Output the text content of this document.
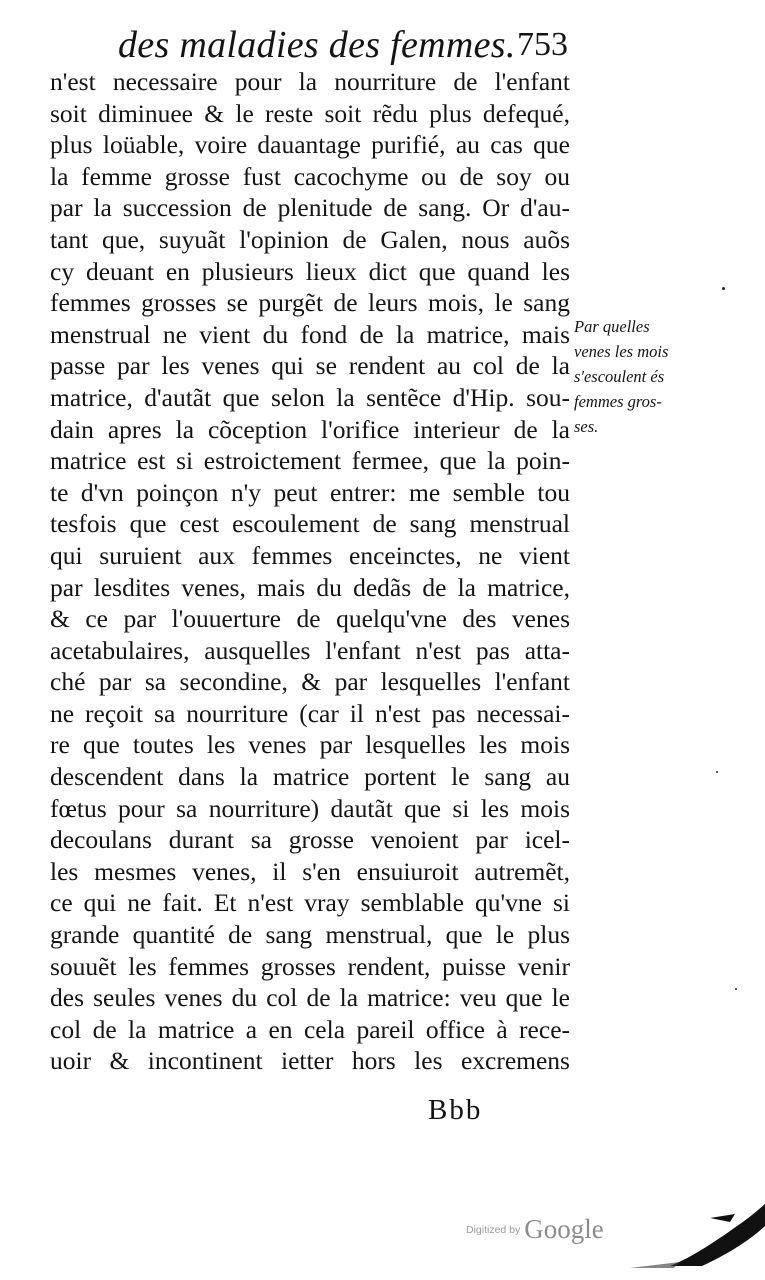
des maladies des femmes. 753
n'est necessaire pour la nourriture de l'enfant
soit diminuee & le reste soit rẽdu plus defequé,
plus loüable, voire dauantage purifié, au cas que
la femme grosse fust cacochyme ou de soy ou
par la succession de plenitude de sang. Or d'au-
tant que, suyuãt l'opinion de Galen, nous auõs
cy deuant en plusieurs lieux dict que quand les
femmes grosses se purgẽt de leurs mois, le sang
menstrual ne vient du fond de la matrice, mais
passe par les venes qui se rendent au col de la
matrice, d'autãt que selon la sentẽce d'Hip. sou-
dain apres la cõception l'orifice interieur de la
matrice est si estroictement fermee, que la poin-
te d'vn poinçon n'y peut entrer: me semble tou
tesfois que cest escoulement de sang menstrual
qui suruient aux femmes enceinctes, ne vient
par lesdites venes, mais du dedãs de la matrice,
& ce par l'ouuerture de quelqu'vne des venes
acetabulaires, ausquelles l'enfant n'est pas atta-
ché par sa secondine, & par lesquelles l'enfant
ne reçoit sa nourriture (car il n'est pas necessai-
re que toutes les venes par lesquelles les mois
descendent dans la matrice portent le sang au
fœtus pour sa nourriture) dautãt que si les mois
decoulans durant sa grosse venoient par icel-
les mesmes venes, il s'en ensuiuroit autremẽt,
ce qui ne fait. Et n'est vray semblable qu'vne si
grande quantité de sang menstrual, que le plus
souuẽt les femmes grosses rendent, puisse venir
des seules venes du col de la matrice: veu que le
col de la matrice a en cela pareil office à rece-
uoir & incontinent ietter hors les excremens
Par quelles
venes les mois
s'escoulent és
femmes gros-
ses.
Bbb
Digitized by Google
